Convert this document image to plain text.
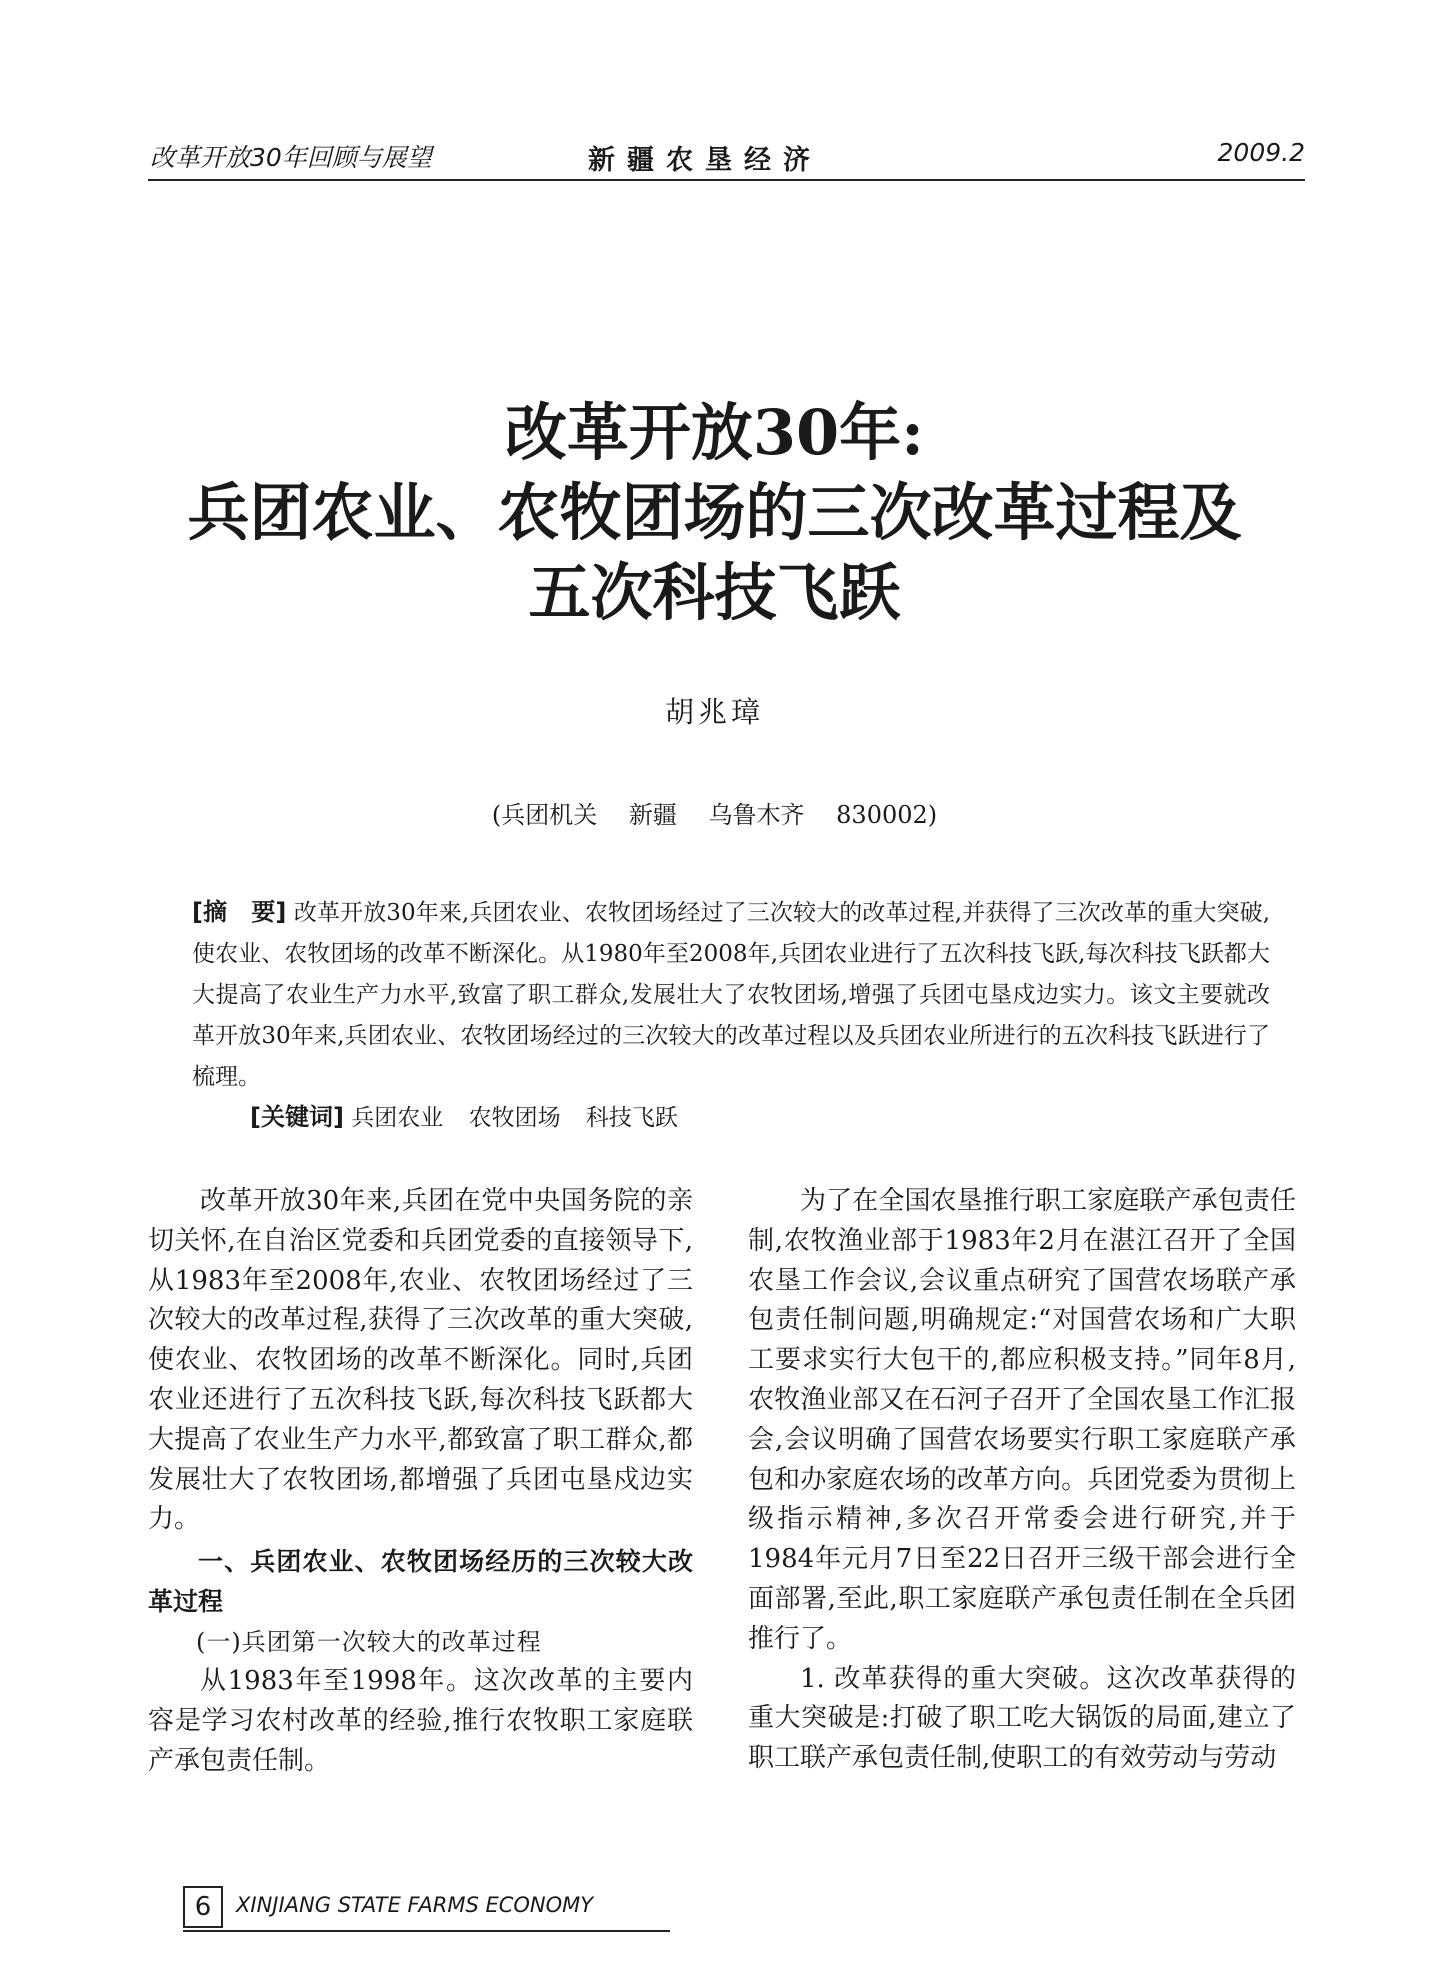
改革开放30年回顾与展望	新疆农垦经济	2009.2
改革开放30年:
兵团农业、农牧团场的三次改革过程及
五次科技飞跃
胡兆璋
(兵团机关 新疆 乌鲁木齐 830002)
[摘　要] 改革开放30年来,兵团农业、农牧团场经过了三次较大的改革过程,并获得了三次改革的重大突破,使农业、农牧团场的改革不断深化。从1980年至2008年,兵团农业进行了五次科技飞跃,每次科技飞跃都大大提高了农业生产力水平,致富了职工群众,发展壮大了农牧团场,增强了兵团屯垦戍边实力。该文主要就改革开放30年来,兵团农业、农牧团场经过的三次较大的改革过程以及兵团农业所进行的五次科技飞跃进行了梳理。
[关键词] 兵团农业 农牧团场 科技飞跃

改革开放30年来,兵团在党中央国务院的亲切关怀,在自治区党委和兵团党委的直接领导下,从1983年至2008年,农业、农牧团场经过了三次较大的改革过程,获得了三次改革的重大突破,使农业、农牧团场的改革不断深化。同时,兵团农业还进行了五次科技飞跃,每次科技飞跃都大大提高了农业生产力水平,都致富了职工群众,都发展壮大了农牧团场,都增强了兵团屯垦戍边实力。

一、兵团农业、农牧团场经历的三次较大改革过程
(一)兵团第一次较大的改革过程

从1983年至1998年。这次改革的主要内容是学习农村改革的经验,推行农牧职工家庭联产承包责任制。

为了在全国农垦推行职工家庭联产承包责任制,农牧渔业部于1983年2月在湛江召开了全国农垦工作会议,会议重点研究了国营农场联产承包责任制问题,明确规定:“对国营农场和广大职工要求实行大包干的,都应积极支持。”同年8月,农牧渔业部又在石河子召开了全国农垦工作汇报会,会议明确了国营农场要实行职工家庭联产承包和办家庭农场的改革方向。兵团党委为贯彻上级指示精神,多次召开常委会进行研究,并于1984年元月7日至22日召开三级干部会进行全面部署,至此,职工家庭联产承包责任制在全兵团推行了。

1. 改革获得的重大突破。这次改革获得的重大突破是:打破了职工吃大锅饭的局面,建立了职工联产承包责任制,使职工的有效劳动与劳动

6	XINJIANG STATE FARMS ECONOMY
